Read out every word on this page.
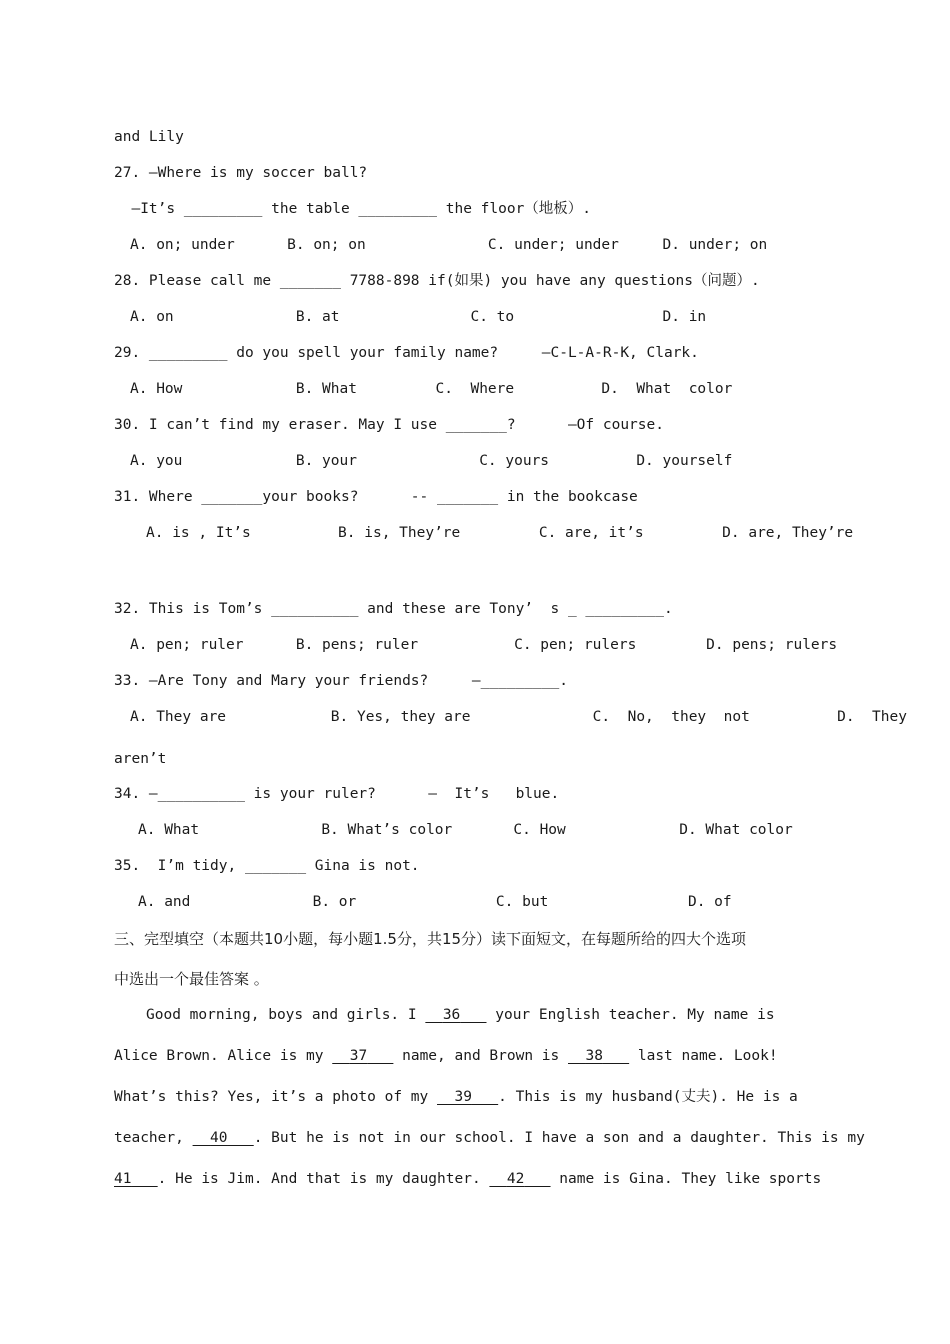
and Lily
27. —Where is my soccer ball?
—It’s _________ the table _________ the floor（地板）.
A. on; under      B. on; on              C. under; under     D. under; on
28. Please call me _______ 7788-898 if(如果) you have any questions（问题）.
A. on              B. at               C. to                 D. in
29. _________ do you spell your family name?     —C-L-A-R-K, Clark.
A. How             B. What         C.  Where          D.  What  color
30. I can’t find my eraser. May I use _______?      —Of course.
A. you             B. your              C. yours          D. yourself
31. Where _______your books?      -- _______ in the bookcase
A. is , It’s          B. is, They’re         C. are, it’s         D. are, They’re
32. This is Tom’s __________ and these are Tony’  s _ _________.
A. pen; ruler      B. pens; ruler           C. pen; rulers        D. pens; rulers
33. —Are Tony and Mary your friends?     —_________.
A. They are            B. Yes, they are              C.  No,  they  not          D.  They
aren’t
34. —__________ is your ruler?      —  It’s   blue.
A. What              B. What’s color       C. How             D. What color
35.  I’m tidy, _______ Gina is not.
A. and              B. or                C. but                D. of
三、完型填空（本题共10小题，每小题1.5分，共15分）读下面短文，在每题所给的四大个选项
中选出一个最佳答案 。
Good morning, boys and girls. I   36    your English teacher. My name is
Alice Brown. Alice is my   37    name, and Brown is   38    last name. Look!
What’s this? Yes, it’s a photo of my   39 . This is my husband(丈夫). He is a
teacher,   40 . But he is not in our school. I have a son and a daughter. This is my
41 . He is Jim. And that is my daughter.   42    name is Gina. They like sports
